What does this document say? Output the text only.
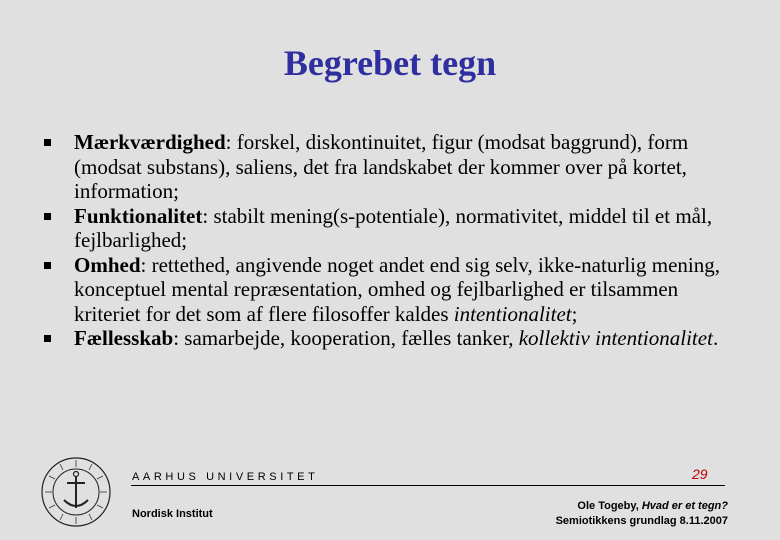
Begrebet tegn
Mærkværdighed: forskel, diskontinuitet, figur (modsat baggrund), form (modsat substans), saliens, det fra landskabet der kommer over på kortet, information;
Funktionalitet: stabilt mening(s-potentiale), normativitet, middel til et mål, fejlbarlighed;
Omhed: rettethed, angivende noget andet end sig selv, ikke-naturlig mening, konceptuel mental repræsentation, omhed og fejlbarlighed er tilsammen kriteriet for det som af flere filosoffer kaldes intentionalitet;
Fællesskab: samarbejde, kooperation, fælles tanker, kollektiv intentionalitet.
AARHUS UNIVERSITET	29
Nordisk Institut
Ole Togeby, Hvad er et tegn?
Semiotikkens grundlag 8.11.2007
